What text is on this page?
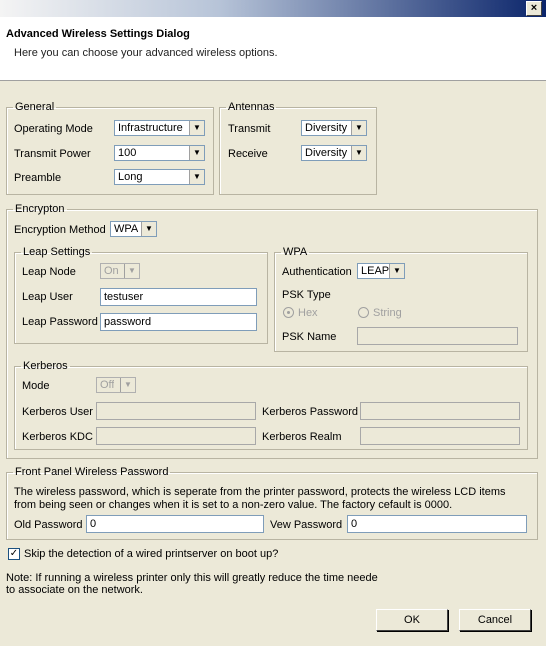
×
Advanced Wireless Settings Dialog
Here you can choose your advanced wireless options.
General
Operating Mode Infrastructure	▼
Transmit Power 100	▼
Preamble	Long	▼
Antennas
Transmit	Diversity ▼
Receive	Diversity ▼
Encrypton
Encryption Method WPA ▼
Leap Settings
Leap Node	On	▼
Leap User	testuser
Leap Password password
WPA
Authentication LEAP ▼
PSK Type
Hex	String
PSK Name
Kerberos
Mode	Off	▼
Kerberos User	Kerberos Password
Kerberos KDC	Kerberos Realm
Front Panel Wireless Password
The wireless password, which is seperate from the printer password, protects the wireless LCD items
from being seen or changes when it is set to a non-zero value. The factory cefault is 0000.
Old Password 0	Vew Password 0
✓ Skip the detection of a wired printserver on boot up?
Note: If running a wireless printer only this will greatly reduce the time neede
to associate on the network.
OK	Cancel
